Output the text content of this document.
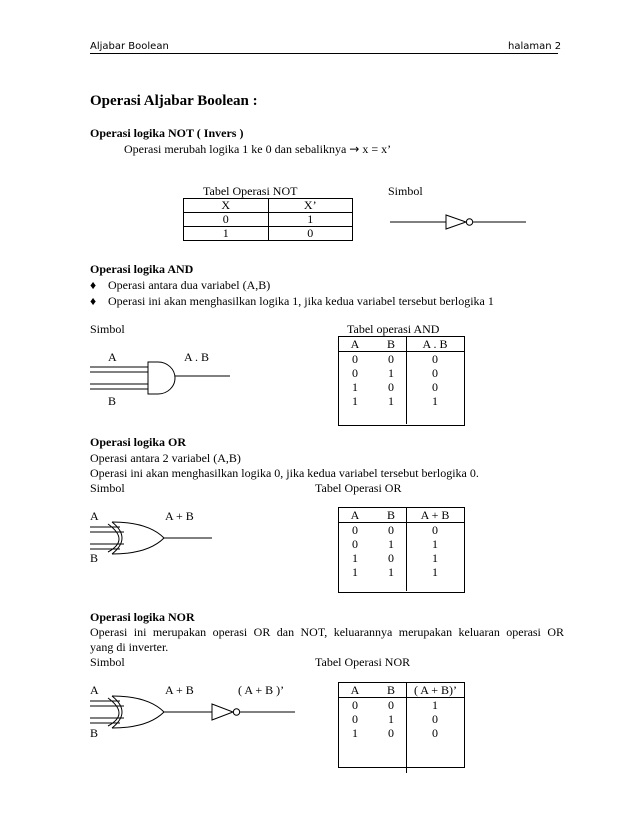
Aljabar Boolean	halaman 2
Operasi Aljabar Boolean :
Operasi logika NOT ( Invers )
Operasi merubah logika 1 ke 0 dan sebaliknya → x = x’
Tabel Operasi NOT	Simbol
X	X’
0	1
1	0
Operasi logika AND
♦ Operasi antara dua variabel (A,B)
♦ Operasi ini akan menghasilkan logika 1, jika kedua variabel tersebut berlogika 1
Simbol	Tabel operasi AND
A	A . B
B
A	B	A . B
0	0	0
0	1	0
1	0	0
1	1	1
Operasi logika OR
Operasi antara 2 variabel (A,B)
Operasi ini akan menghasilkan logika 0, jika kedua variabel tersebut berlogika 0.
Simbol	Tabel Operasi OR
A	A + B
B
A	B	A + B
0	0	0
0	1	1
1	0	1
1	1	1
Operasi logika NOR
Operasi ini merupakan operasi OR dan NOT, keluarannya merupakan keluaran operasi OR
yang di inverter.
Simbol	Tabel Operasi NOR
A	A + B	( A + B )’
B
A	B	( A + B)’
0	0	1
0	1	0
1	0	0
